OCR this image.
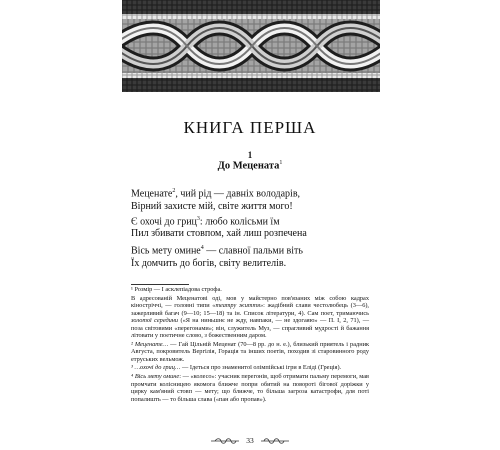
КНИГА ПЕРША
1
До Мецената$^1$
Меценате$^2$, чий рід — давніх володарів,
Вірний захисте мій, світе життя мого!
Є охочі до гриц$^3$: любо колісьми їм
Пил збивати стовпом, хай лиш розпечена
Вісь мету омине$^4$ — славної пальми віть
Їх домчить до богів, світу велителів.

¹ Розмір — І асклепіадова строфа.

В адресованій Меценатові оді, мов у майстерно пов'язаних між собою кадрах кіностріччі, — головні типи «театру життя»: жадібний слави честолюбець (3—6), зажерливий багач (9—10; 15—18) та ін. Список літератури, 4). Сам поет, тримаючись золотої середини («Я на ниньшнє не жду, навпаки, — не здогаяю» — П. І, 2, 71), — поза світовими «перегонами»; він, служитель Муз, — спрагливий мудрості й бажання літовати у поетичне слово, з божественним даром.

² Меценате… — Гай Цільній Меценат (70—8 рр. до н. е.), близький приятель і радник Августа, покровитель Вергілія, Горація та інших поетів, походив зі старовинного роду етруських вельмож.

³ …охочі до гриц… — Ідеться про знаменитої олімпійські ігри в Еліді (Греція).

⁴ Вісь мету омине: — «колесо»: учасник перегонів, щоб отримати пальму перемоги, мав промчати колісницею якомога ближче попри обитий на повороті бігової доріжки у цирку кам'яний стовп — мету; що ближче, то більша загроза катастрофи, для поті попалишть — то більша слава («пан або пропав»).

33
